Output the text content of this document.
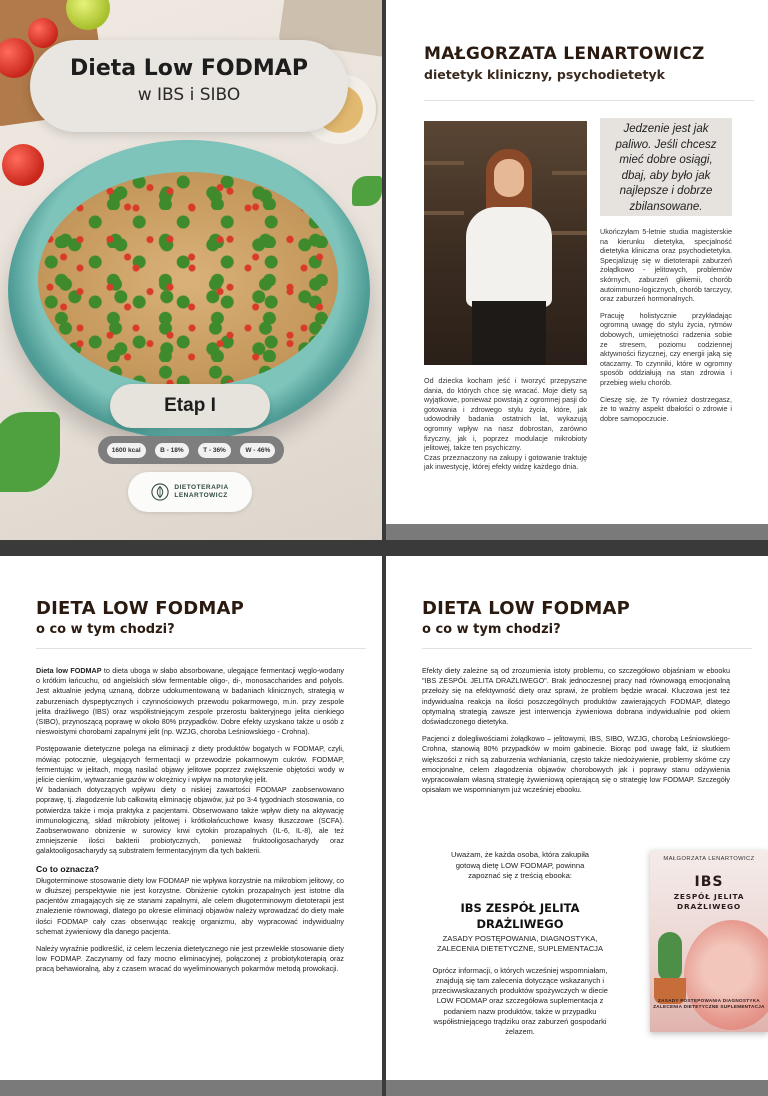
Dieta Low FODMAP
w IBS i SIBO
Etap I
1600 kcal	B - 18%	T - 36%	W - 46%
DIETOTERAPIA
LENARTOWICZ
MAŁGORZATA LENARTOWICZ
dietetyk kliniczny, psychodietetyk
Jedzenie jest jak paliwo. Jeśli chcesz mieć dobre osiągi, dbaj, aby było jak najlepsze i dobrze zbilansowane.

Ukończyłam 5-letnie studia magisterskie na kierunku dietetyka, specjalność dietetyka kliniczna oraz psychodietetyka. Specjalizuję się w dietoterapii zaburzeń żołądkowo - jelitowych, problemów skórnych, zaburzeń glikemii, chorób autoimmuno-logicznych, chorób tarczycy, oraz zaburzeń hormonalnych.

Pracuję holistycznie przykładając ogromną uwagę do stylu życia, rytmów dobowych, umiejętności radzenia sobie ze stresem, poziomu codziennej aktywności fizycznej, czy energii jaką się otaczamy. To czynniki, które w ogromny sposób oddziałują na stan zdrowia i przebieg wielu chorób.

Cieszę się, że Ty również dostrzegasz, że to ważny aspekt dbałości o zdrowie i dobre samopoczucie.

Od dziecka kocham jeść i tworzyć przepyszne dania, do których chce się wracać. Moje diety są wyjątkowe, ponieważ powstają z ogromnej pasji do gotowania i zdrowego stylu życia, które, jak udowodniły badania ostatnich lat, wykazują ogromny wpływ na nasz dobrostan, zarówno fizyczny, jak i, poprzez modulacje mikrobioty jelitowej, także ten psychiczny.

Czas przeznaczony na zakupy i gotowanie traktuję jak inwestycję, której efekty widzę każdego dnia.

DIETA LOW FODMAP
o co w tym chodzi?

Dieta low FODMAP to dieta uboga w słabo absorbowane, ulegające fermentacji węglo-wodany o krótkim łańcuchu, od angielskich słów fermentable oligo-, di-, monosaccharides and polyols. Jest aktualnie jedyną uznaną, dobrze udokumentowaną w badaniach klinicznych, strategią w zaburzeniach dyspeptycznych i czynnościowych przewodu pokarmowego, m.in. przy zespole jelita drażliwego (IBS) oraz współistniejącym zespole przerostu bakteryjnego jelita cienkiego (SIBO), przynoszącą poprawę w około 80% przypadków. Dobre efekty uzyskano także u osób z nieswoistymi chorobami zapalnymi jelit (np. WZJG, choroba Leśniowskiego - Crohna).

Postępowanie dietetyczne polega na eliminacji z diety produktów bogatych w FODMAP, czyli, mówiąc potocznie, ulegających fermentacji w przewodzie pokarmowym cukrów. FODMAP, fermentując w jelitach, mogą nasilać objawy jelitowe poprzez zwiększenie objętości wody w jelicie cienkim, wytwarzanie gazów w okrężnicy i wpływ na motorykę jelit.

W badaniach dotyczących wpływu diety o niskiej zawartości FODMAP zaobserwowano poprawę, tj. złagodzenie lub całkowitą eliminację objawów, już po 3-4 tygodniach stosowania, co potwierdza także i moja praktyka z pacjentami. Obserwowano także wpływ diety na aktywację immunologiczną, skład mikrobioty jelitowej i krótkołańcuchowe kwasy tłuszczowe (SCFA). Zaobserwowano obniżenie w surowicy krwi cytokin prozapalnych (IL-6, IL-8), ale też zmniejszenie ilości bakterii probiotycznych, ponieważ fruktooligosacharydy oraz galaktooligosacharydy są substratem fermentacyjnym dla tych bakterii.

Co to oznacza?

Długoterminowe stosowanie diety low FODMAP nie wpływa korzystnie na mikrobiom jelitowy, co w dłuższej perspektywie nie jest korzystne. Obniżenie cytokin prozapalnych jest istotne dla pacjentów zmagających się ze stanami zapalnymi, ale celem długoterminowym dietoterapii jest znalezienie równowagi, dlatego po okresie eliminacji objawów należy wprowadzać do diety małe ilości FODMAP cały czas obserwując reakcję organizmu, aby wypracować indywidualny schemat żywieniowy dla danego pacjenta.

Należy wyraźnie podkreślić, iż celem leczenia dietetycznego nie jest przewlekłe stosowanie diety low FODMAP. Zaczynamy od fazy mocno eliminacyjnej, połączonej z probiotykoterapią oraz pracą behawioralną, aby z czasem wracać do wyeliminowanych pokarmów metodą prowokacji.

DIETA LOW FODMAP
o co w tym chodzi?

Efekty diety zależne są od zrozumienia istoty problemu, co szczegółowo objaśniam w ebooku "IBS ZESPÓŁ JELITA DRAŻLIWEGO". Brak jednoczesnej pracy nad równowagą emocjonalną przełoży się na efektywność diety oraz sprawi, że problem będzie wracał. Kluczowa jest też indywidualna reakcja na ilości poszczególnych produktów zawierających FODMAP, dlatego optymalną strategią zawsze jest interwencja żywieniowa dobrana indywidualnie pod okiem doświadczonego dietetyka.

Pacjenci z dolegliwościami żołądkowo – jelitowymi, IBS, SIBO, WZJG, chorobą Leśniowskiego-Crohna, stanowią 80% przypadków w moim gabinecie. Biorąc pod uwagę fakt, iż skutkiem większości z nich są zaburzenia wchłaniania, często także niedożywienie, problemy skórne czy emocjonalne, celem złagodzenia objawów chorobowych jak i poprawy stanu odżywienia wypracowałam własną strategię żywieniową opierającą się o strategię low FODMAP. Szczegóły opisałam we wspomnianym już wcześniej ebooku.

Uważam, że każda osoba, która zakupiła gotową dietę LOW FODMAP, powinna zapoznać się z treścią ebooka:
IBS ZESPÓŁ JELITA
DRAŻLIWEGO
ZASADY POSTĘPOWANIA, DIAGNOSTYKA, ZALECENIA DIETETYCZNE, SUPLEMENTACJA
Oprócz informacji, o których wcześniej wspomniałam, znajdują się tam zalecenia dotyczące wskazanych i przeciwwskazanych produktów spożywczych w diecie LOW FODMAP oraz szczegółowa suplementacja z podaniem nazw produktów, także w przypadku współistniejącego trądziku oraz zaburzeń gospodarki żelazem.
MAŁGORZATA LENARTOWICZ
IBS
ZESPÓŁ JELITA DRAŻLIWEGO
ZASADY POSTĘPOWANIA DIAGNOSTYKA ZALECENIA DIETETYCZNE SUPLEMENTACJA
